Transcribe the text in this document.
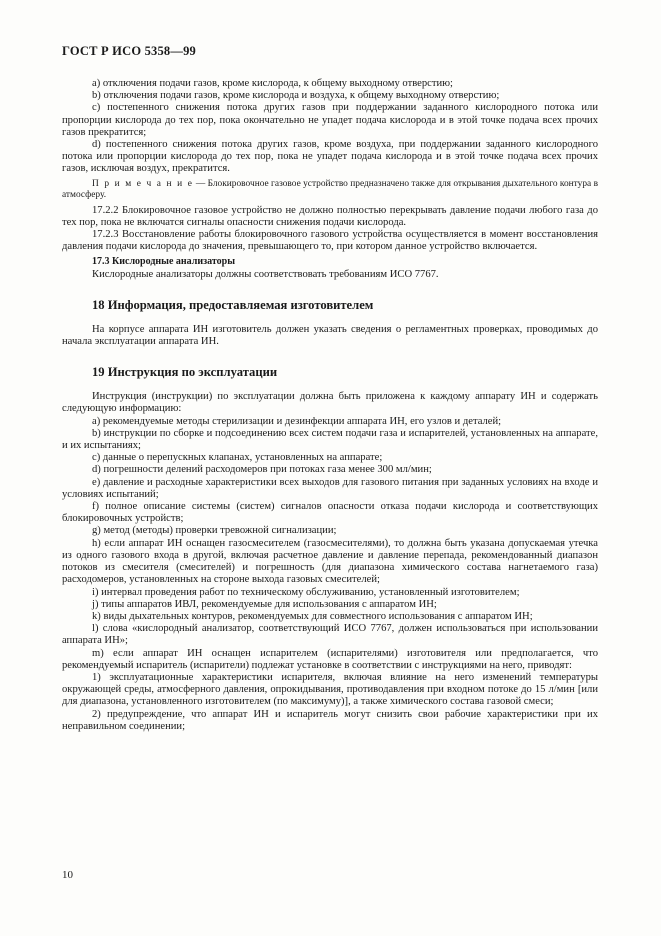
ГОСТ Р ИСО 5358—99

а) отключения подачи газов, кроме кислорода, к общему выходному отверстию;

b) отключения подачи газов, кроме кислорода и воздуха, к общему выходному отверстию;

c) постепенного снижения потока других газов при поддержании заданного кислородного потока или пропорции кислорода до тех пор, пока окончательно не упадет подача кислорода и в этой точке подача всех прочих газов прекратится;

d) постепенного снижения потока других газов, кроме воздуха, при поддержании заданного кислородного потока или пропорции кислорода до тех пор, пока не упадет подача кислорода и в этой точке подача всех прочих газов, исключая воздух, прекратится.

П р и м е ч а н и е — Блокировочное газовое устройство предназначено также для открывания дыхательного контура в атмосферу.

17.2.2 Блокировочное газовое устройство не должно полностью перекрывать давление подачи любого газа до тех пор, пока не включатся сигналы опасности снижения подачи кислорода.

17.2.3 Восстановление работы блокировочного газового устройства осуществляется в момент восстановления давления подачи кислорода до значения, превышающего то, при котором данное устройство включается.

17.3 Кислородные анализаторы

Кислородные анализаторы должны соответствовать требованиям ИСО 7767.

18 Информация, предоставляемая изготовителем

На корпусе аппарата ИН изготовитель должен указать сведения о регламентных проверках, проводимых до начала эксплуатации аппарата ИН.

19 Инструкция по эксплуатации

Инструкция (инструкции) по эксплуатации должна быть приложена к каждому аппарату ИН и содержать следующую информацию:

а) рекомендуемые методы стерилизации и дезинфекции аппарата ИН, его узлов и деталей;

b) инструкции по сборке и подсоединению всех систем подачи газа и испарителей, установленных на аппарате, и их испытаниях;

c) данные о перепускных клапанах, установленных на аппарате;

d) погрешности делений расходомеров при потоках газа менее 300 мл/мин;

e) давление и расходные характеристики всех выходов для газового питания при заданных условиях на входе и условиях испытаний;

f) полное описание системы (систем) сигналов опасности отказа подачи кислорода и соответствующих блокировочных устройств;

g) метод (методы) проверки тревожной сигнализации;

h) если аппарат ИН оснащен газосмесителем (газосмесителями), то должна быть указана допускаемая утечка из одного газового входа в другой, включая расчетное давление и давление перепада, рекомендованный диапазон потоков из смесителя (смесителей) и погрешность (для диапазона химического состава нагнетаемого газа) расходомеров, установленных на стороне выхода газовых смесителей;

i) интервал проведения работ по техническому обслуживанию, установленный изготовителем;

j) типы аппаратов ИВЛ, рекомендуемые для использования с аппаратом ИН;

k) виды дыхательных контуров, рекомендуемых для совместного использования с аппаратом ИН;

l) слова «кислородный анализатор, соответствующий ИСО 7767, должен использоваться при использовании аппарата ИН»;

m) если аппарат ИН оснащен испарителем (испарителями) изготовителя или предполагается, что рекомендуемый испаритель (испарители) подлежат установке в соответствии с инструкциями на него, приводят:

1) эксплуатационные характеристики испарителя, включая влияние на него изменений температуры окружающей среды, атмосферного давления, опрокидывания, противодавления при входном потоке до 15 л/мин [или для диапазона, установленного изготовителем (по максимуму)], а также химического состава газовой смеси;

2) предупреждение, что аппарат ИН и испаритель могут снизить свои рабочие характеристики при их неправильном соединении;

10
